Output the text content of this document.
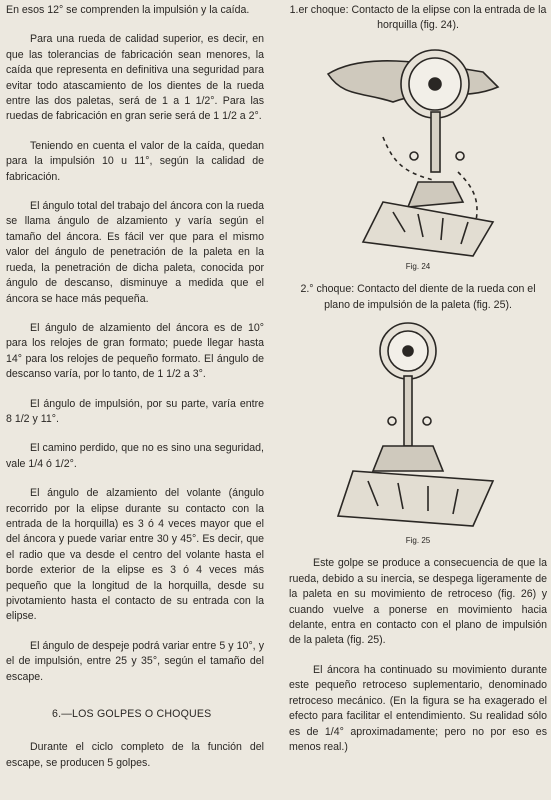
En esos 12° se comprenden la impulsión y la caída.

Para una rueda de calidad superior, es decir, en que las tolerancias de fabricación sean menores, la caída que representa en definitiva una seguridad para evitar todo atascamiento de los dientes de la rueda entre las dos paletas, será de 1 a 1 1/2°. Para las ruedas de fabricación en gran serie será de 1 1/2 a 2°.

Teniendo en cuenta el valor de la caída, quedan para la impulsión 10 u 11°, según la calidad de fabricación.

El ángulo total del trabajo del áncora con la rueda se llama ángulo de alzamiento y varía según el tamaño del áncora. Es fácil ver que para el mismo valor del ángulo de penetración de la paleta en la rueda, la penetración de dicha paleta, conocida por ángulo de descanso, disminuye a medida que el áncora se hace más pequeña.

El ángulo de alzamiento del áncora es de 10° para los relojes de gran formato; puede llegar hasta 14° para los relojes de pequeño formato. El ángulo de descanso varía, por lo tanto, de 1 1/2 a 3°.

El ángulo de impulsión, por su parte, varía entre 8 1/2 y 11°.

El camino perdido, que no es sino una seguridad, vale 1/4 ó 1/2°.

El ángulo de alzamiento del volante (ángulo recorrido por la elipse durante su contacto con la entrada de la horquilla) es 3 ó 4 veces mayor que el del áncora y puede variar entre 30 y 45°. Es decir, que el radio que va desde el centro del volante hasta el borde exterior de la elipse es 3 ó 4 veces más pequeño que la longitud de la horquilla, desde su pivotamiento hasta el contacto de su entrada con la elipse.

El ángulo de despeje podrá variar entre 5 y 10°, y el de impulsión, entre 25 y 35°, según el tamaño del escape.

6.—LOS GOLPES O CHOQUES

Durante el ciclo completo de la función del escape, se producen 5 golpes.

1.er choque: Contacto de la elipse con la entrada de la horquilla (fig. 24).

Fig. 24

2.° choque: Contacto del diente de la rueda con el plano de impulsión de la paleta (fig. 25).

Fig. 25

Este golpe se produce a consecuencia de que la rueda, debido a su inercia, se despega ligeramente de la paleta en su movimiento de retroceso (fig. 26) y cuando vuelve a ponerse en movimiento hacia delante, entra en contacto con el plano de impulsión de la paleta (fig. 25).

El áncora ha continuado su movimiento durante este pequeño retroceso suplementario, denominado retroceso mecánico. (En la figura se ha exagerado el efecto para facilitar el entendimiento. Su realidad sólo es de 1/4° aproximadamente; pero no por eso es menos real.)
